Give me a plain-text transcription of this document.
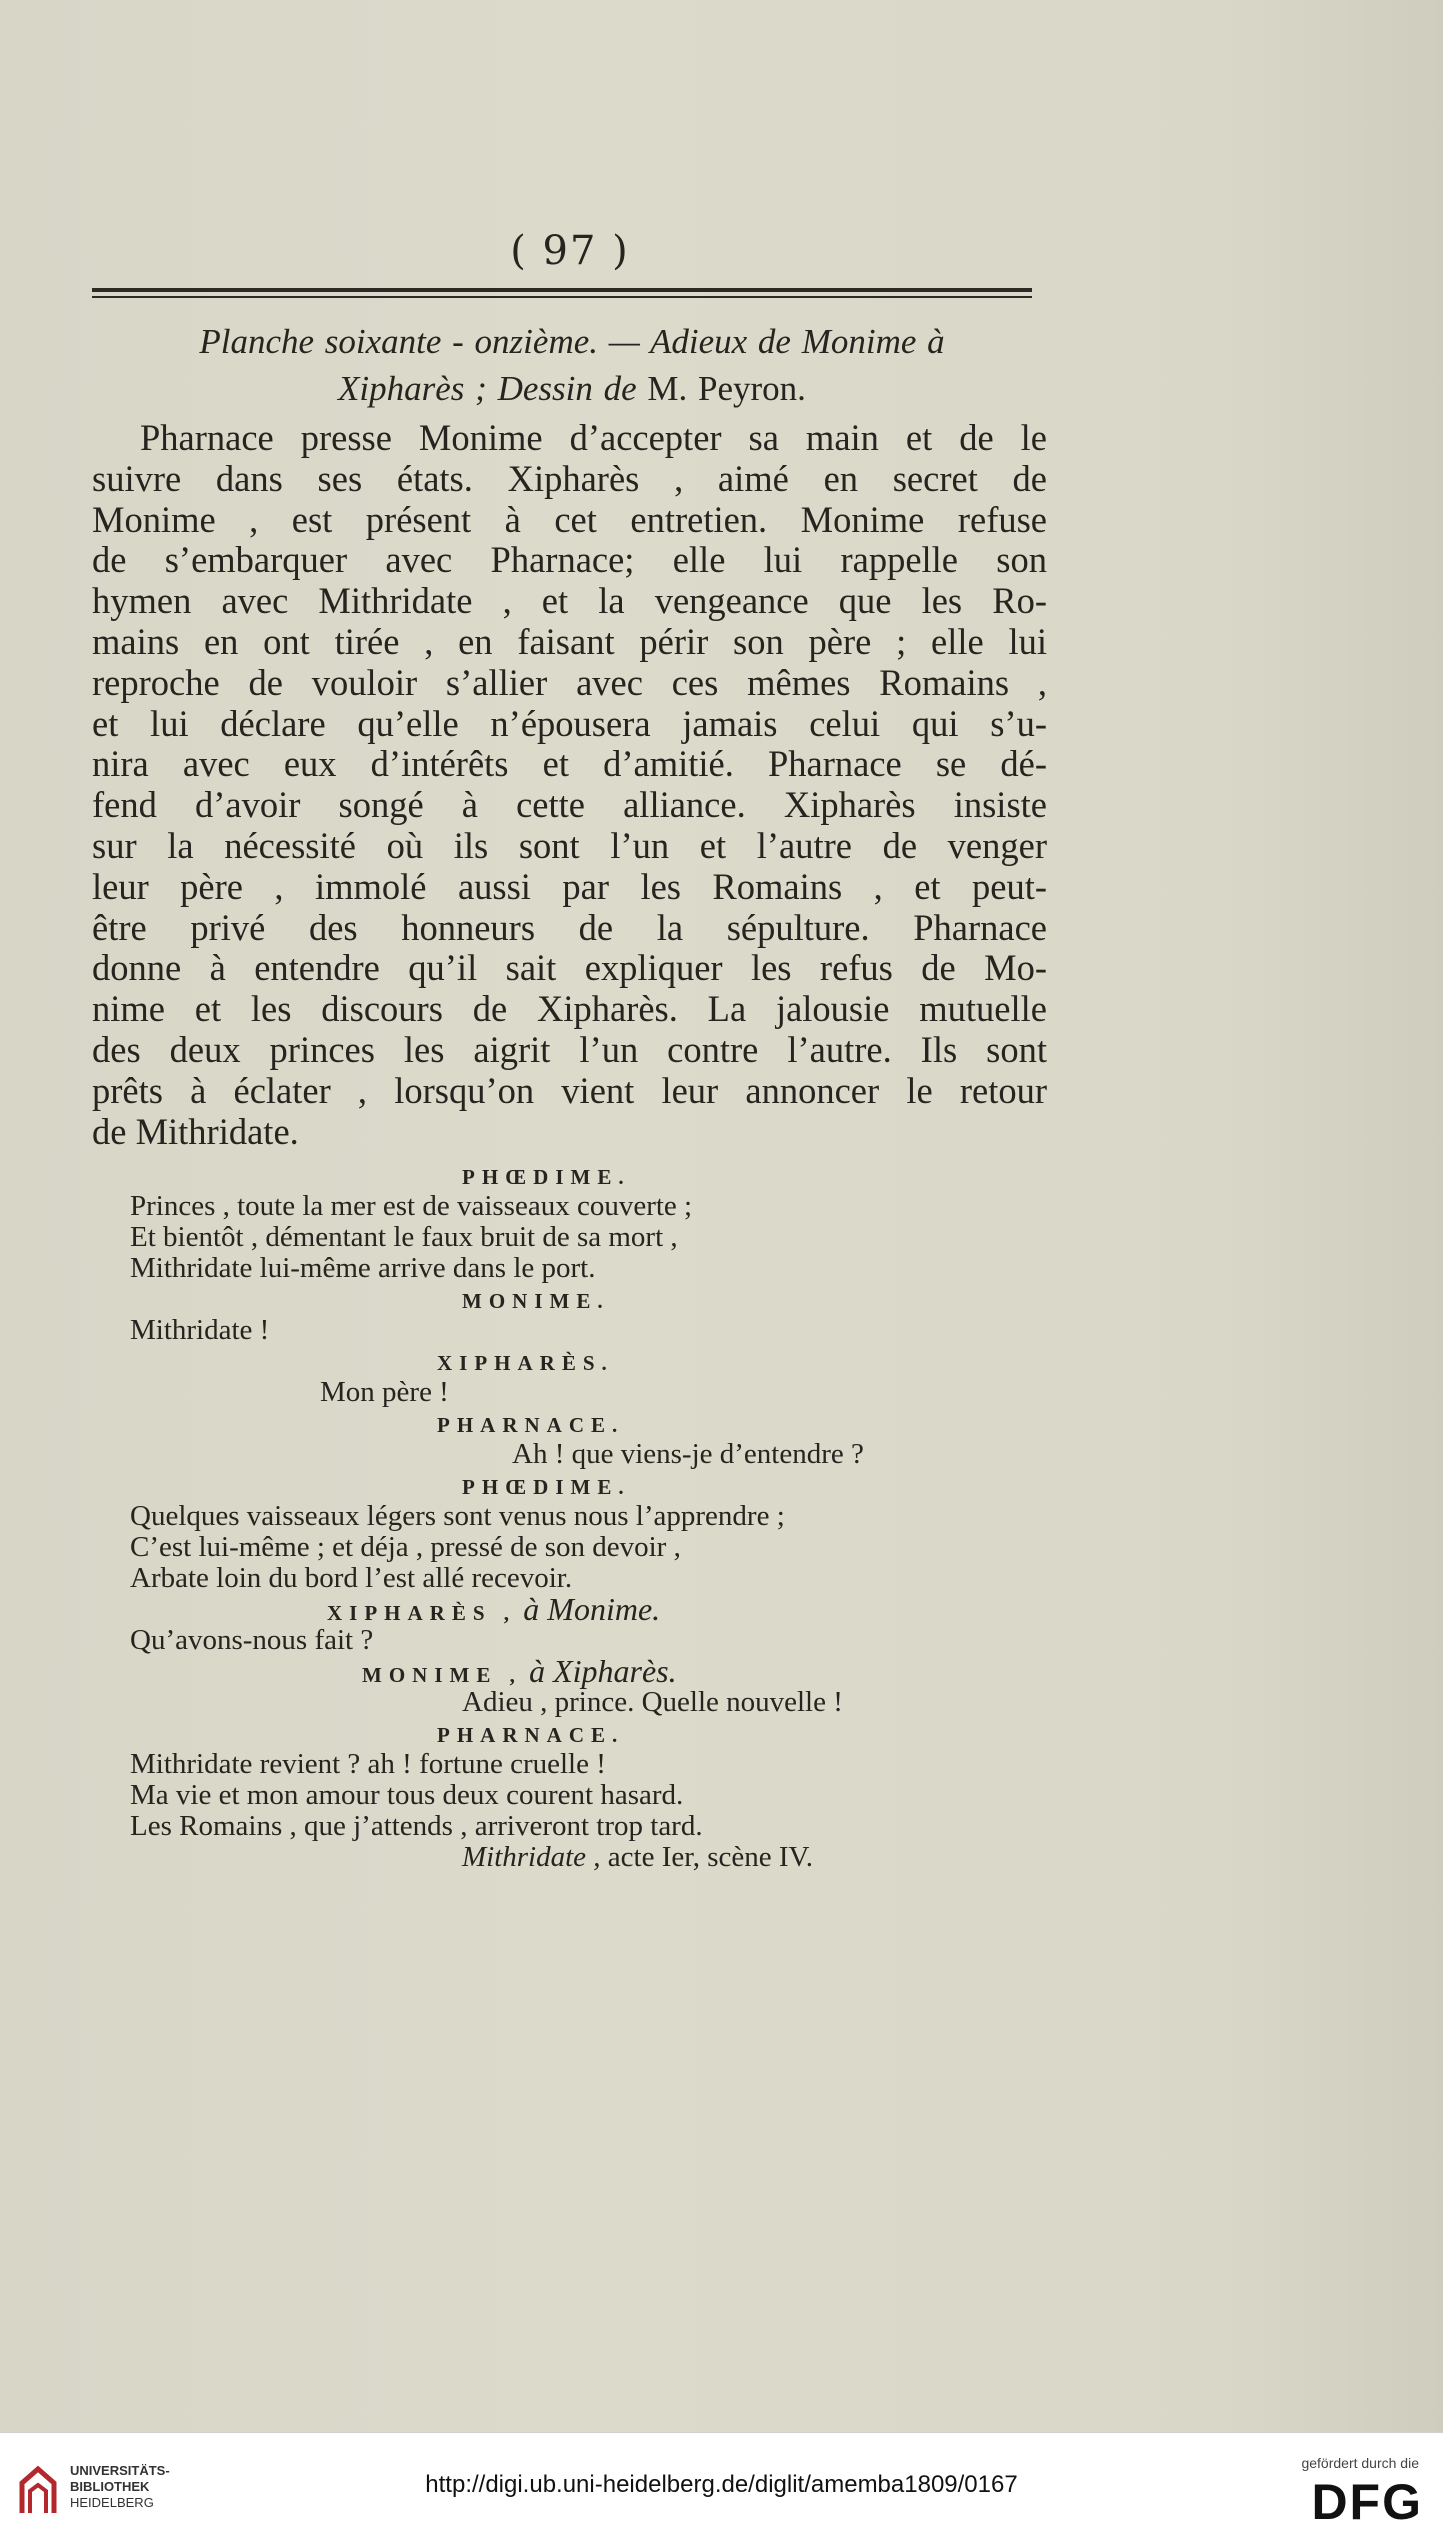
( 97 )
Planche soixante - onzième. — Adieux de Monime à
Xipharès ; Dessin de M. Peyron.
Pharnace presse Monime d’accepter sa main et de le
suivre dans ses états. Xipharès , aimé en secret de
Monime , est présent à cet entretien. Monime refuse
de s’embarquer avec Pharnace; elle lui rappelle son
hymen avec Mithridate , et la vengeance que les Ro-
mains en ont tirée , en faisant périr son père ; elle lui
reproche de vouloir s’allier avec ces mêmes Romains ,
et lui déclare qu’elle n’épousera jamais celui qui s’u-
nira avec eux d’intérêts et d’amitié. Pharnace se dé-
fend d’avoir songé à cette alliance. Xipharès insiste
sur la nécessité où ils sont l’un et l’autre de venger
leur père , immolé aussi par les Romains , et peut-
être privé des honneurs de la sépulture. Pharnace
donne à entendre qu’il sait expliquer les refus de Mo-
nime et les discours de Xipharès. La jalousie mutuelle
des deux princes les aigrit l’un contre l’autre. Ils sont
prêts à éclater , lorsqu’on vient leur annoncer le retour
de Mithridate.
PHŒDIME.
Princes , toute la mer est de vaisseaux couverte ;
Et bientôt , démentant le faux bruit de sa mort ,
Mithridate lui-même arrive dans le port.
MONIME.
Mithridate !
XIPHARÈS.
Mon père !
PHARNACE.
Ah ! que viens-je d’entendre ?
PHŒDIME.
Quelques vaisseaux légers sont venus nous l’apprendre ;
C’est lui-même ; et déja , pressé de son devoir ,
Arbate loin du bord l’est allé recevoir.
XIPHARÈS , à Monime.
Qu’avons-nous fait ?
MONIME , à Xipharès.
Adieu , prince. Quelle nouvelle !
PHARNACE.
Mithridate revient ? ah ! fortune cruelle !
Ma vie et mon amour tous deux courent hasard.
Les Romains , que j’attends , arriveront trop tard.
Mithridate , acte Ier, scène IV.
UNIVERSITÄTS-
BIBLIOTHEK
HEIDELBERG
http://digi.ub.uni-heidelberg.de/diglit/amemba1809/0167
gefördert durch die
DFG
